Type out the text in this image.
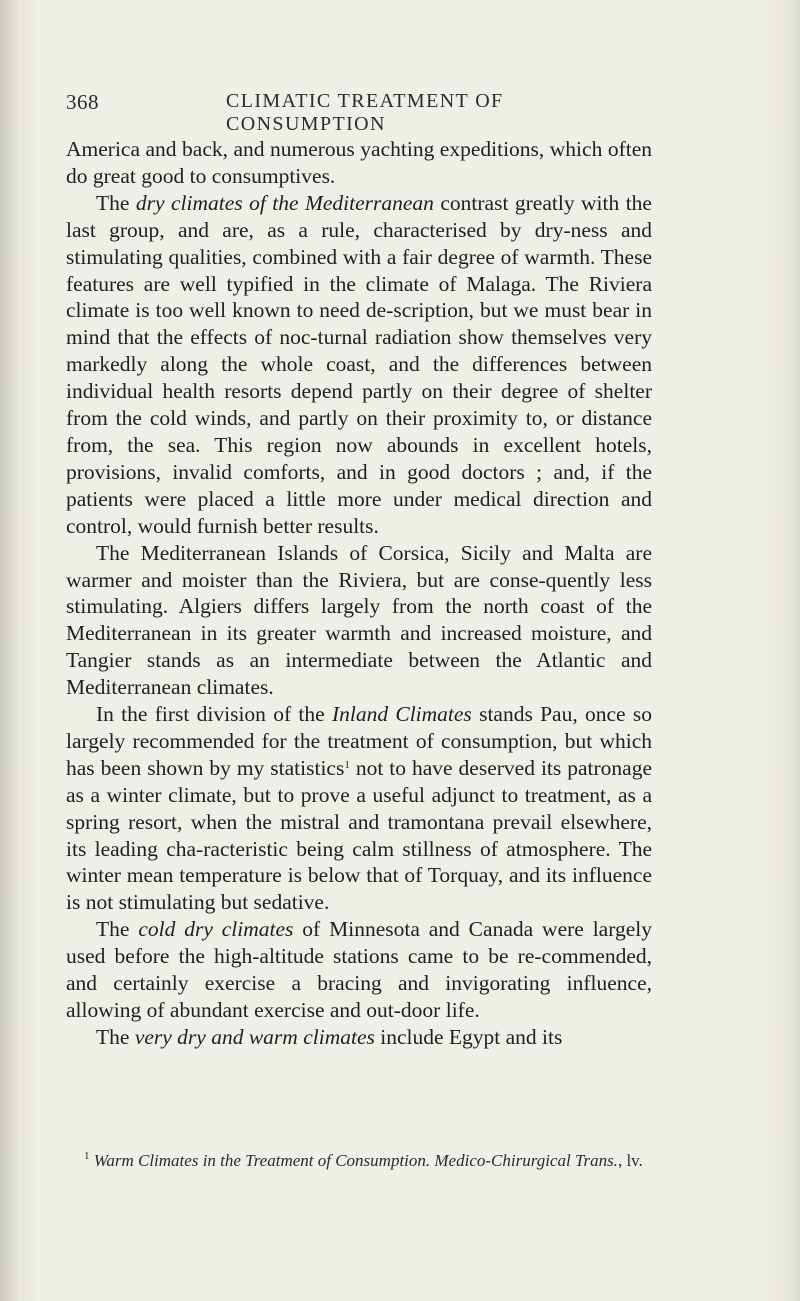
368	CLIMATIC TREATMENT OF CONSUMPTION

America and back, and numerous yachting expeditions, which often do great good to consumptives.

The dry climates of the Mediterranean contrast greatly with the last group, and are, as a rule, characterised by dry-ness and stimulating qualities, combined with a fair degree of warmth. These features are well typified in the climate of Malaga. The Riviera climate is too well known to need de-scription, but we must bear in mind that the effects of noc-turnal radiation show themselves very markedly along the whole coast, and the differences between individual health resorts depend partly on their degree of shelter from the cold winds, and partly on their proximity to, or distance from, the sea. This region now abounds in excellent hotels, provisions, invalid comforts, and in good doctors ; and, if the patients were placed a little more under medical direction and control, would furnish better results.

The Mediterranean Islands of Corsica, Sicily and Malta are warmer and moister than the Riviera, but are conse-quently less stimulating. Algiers differs largely from the north coast of the Mediterranean in its greater warmth and increased moisture, and Tangier stands as an intermediate between the Atlantic and Mediterranean climates.

In the first division of the Inland Climates stands Pau, once so largely recommended for the treatment of consumption, but which has been shown by my statistics$^1$ not to have deserved its patronage as a winter climate, but to prove a useful adjunct to treatment, as a spring resort, when the mistral and tramontana prevail elsewhere, its leading cha-racteristic being calm stillness of atmosphere. The winter mean temperature is below that of Torquay, and its influence is not stimulating but sedative.

The cold dry climates of Minnesota and Canada were largely used before the high-altitude stations came to be re-commended, and certainly exercise a bracing and invigorating influence, allowing of abundant exercise and out-door life.

The very dry and warm climates include Egypt and its

$^1$ Warm Climates in the Treatment of Consumption. Medico-Chirurgical Trans., lv.
